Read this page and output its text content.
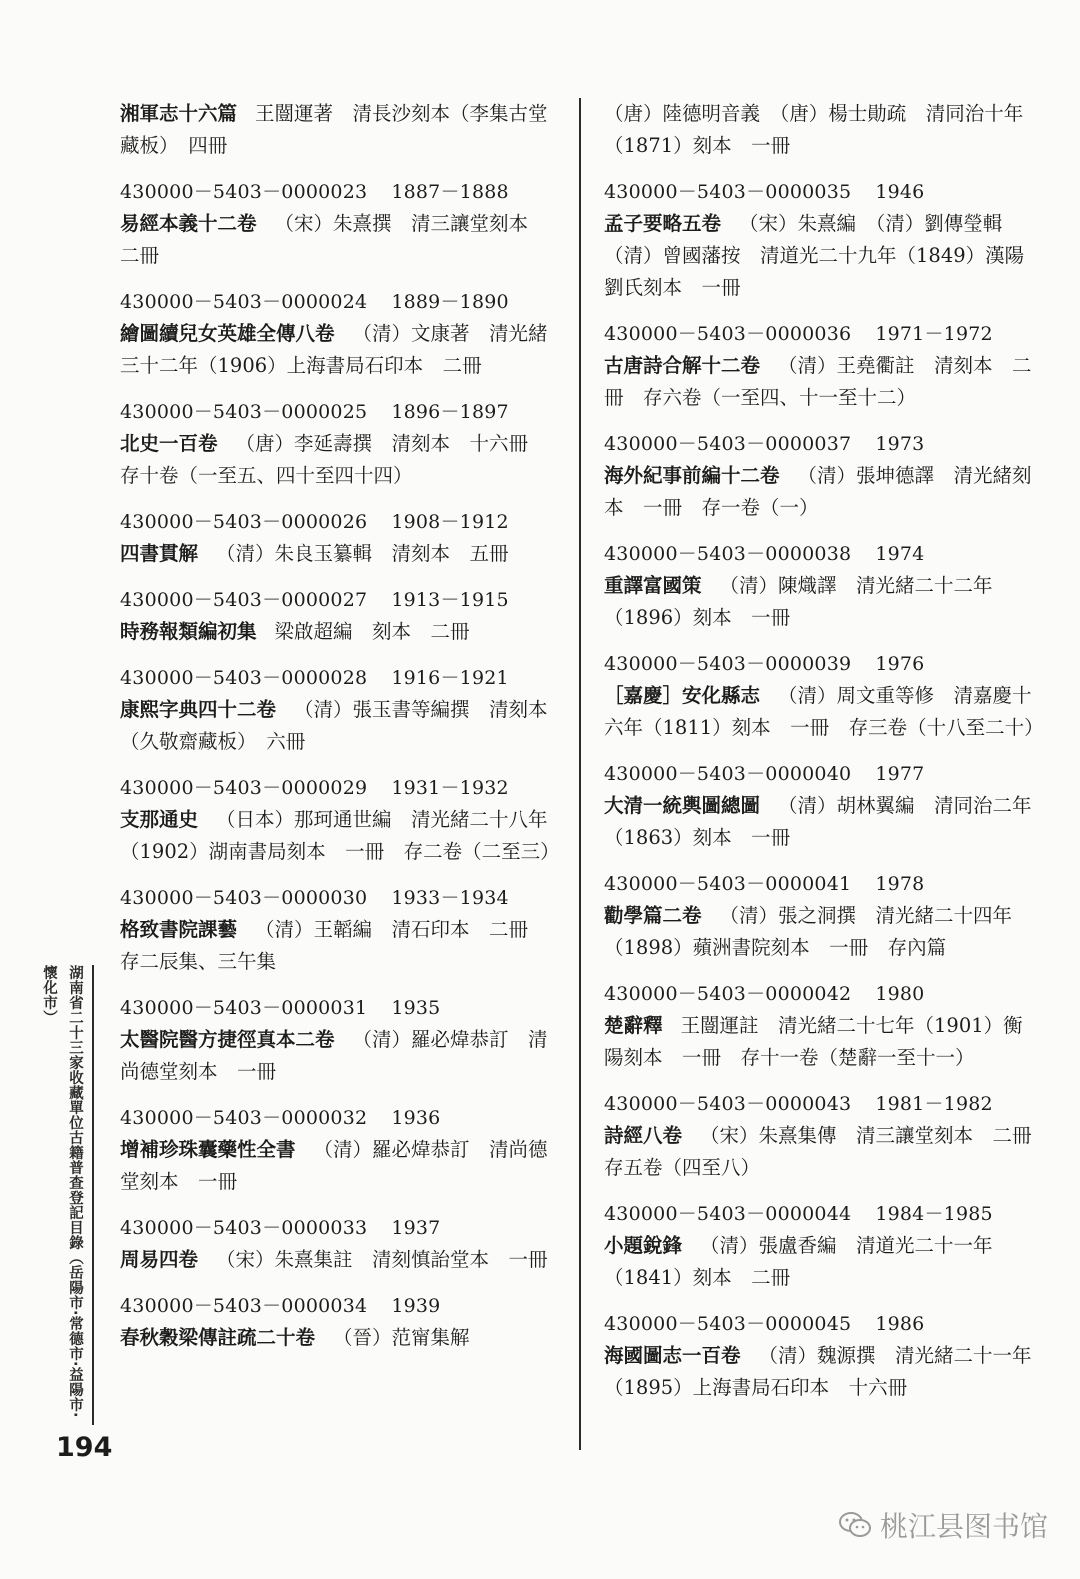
湘軍志十六篇 王闓運著　清長沙刻本（李集古堂藏板）　四冊
430000－5403－0000023 1887－1888
易經本義十二卷 （宋）朱熹撰　清三讓堂刻本　二冊
430000－5403－0000024 1889－1890
繪圖續兒女英雄全傳八卷 （清）文康著　清光緒三十二年（1906）上海書局石印本　二冊
430000－5403－0000025 1896－1897
北史一百卷 （唐）李延壽撰　清刻本　十六冊　存十卷（一至五、四十至四十四）
430000－5403－0000026 1908－1912
四書貫解 （清）朱良玉纂輯　清刻本　五冊
430000－5403－0000027 1913－1915
時務報類編初集 梁啟超編　刻本　二冊
430000－5403－0000028 1916－1921
康熙字典四十二卷 （清）張玉書等編撰　清刻本（久敬齋藏板）　六冊
430000－5403－0000029 1931－1932
支那通史 （日本）那珂通世編　清光緒二十八年（1902）湖南書局刻本　一冊　存二卷（二至三）
430000－5403－0000030 1933－1934
格致書院課藝 （清）王韜編　清石印本　二冊　存二辰集、三午集
430000－5403－0000031 1935
太醫院醫方捷徑真本二卷 （清）羅必煒恭訂　清尚德堂刻本　一冊
430000－5403－0000032 1936
增補珍珠囊藥性全書 （清）羅必煒恭訂　清尚德堂刻本　一冊
430000－5403－0000033 1937
周易四卷 （宋）朱熹集註　清刻慎詒堂本　一冊
430000－5403－0000034 1939
春秋穀梁傳註疏二十卷 （晉）范甯集解
（唐）陸德明音義　（唐）楊士勛疏　清同治十年（1871）刻本　一冊
430000－5403－0000035 1946
孟子要略五卷 （宋）朱熹編　（清）劉傳瑩輯　（清）曾國藩按　清道光二十九年（1849）漢陽劉氏刻本　一冊
430000－5403－0000036 1971－1972
古唐詩合解十二卷 （清）王堯衢註　清刻本　二冊　存六卷（一至四、十一至十二）
430000－5403－0000037 1973
海外紀事前編十二卷 （清）張坤德譯　清光緒刻本　一冊　存一卷（一）
430000－5403－0000038 1974
重譯富國策 （清）陳熾譯　清光緒二十二年（1896）刻本　一冊
430000－5403－0000039 1976
［嘉慶］安化縣志 （清）周文重等修　清嘉慶十六年（1811）刻本　一冊　存三卷（十八至二十）
430000－5403－0000040 1977
大清一統輿圖總圖 （清）胡林翼編　清同治二年（1863）刻本　一冊
430000－5403－0000041 1978
勸學篇二卷 （清）張之洞撰　清光緒二十四年（1898）蘋洲書院刻本　一冊　存內篇
430000－5403－0000042 1980
楚辭釋 王闓運註　清光緒二十七年（1901）衡陽刻本　一冊　存十一卷（楚辭一至十一）
430000－5403－0000043 1981－1982
詩經八卷 （宋）朱熹集傳　清三讓堂刻本　二冊　存五卷（四至八）
430000－5403－0000044 1984－1985
小題銳鋒 （清）張盧香編　清道光二十一年（1841）刻本　二冊
430000－5403－0000045 1986
海國圖志一百卷 （清）魏源撰　清光緒二十一年（1895）上海書局石印本　十六冊
湖南省二十三家收藏單位古籍普查登記目錄（岳陽市·常德市·益陽市·懷化市）
194
桃江县图书馆
